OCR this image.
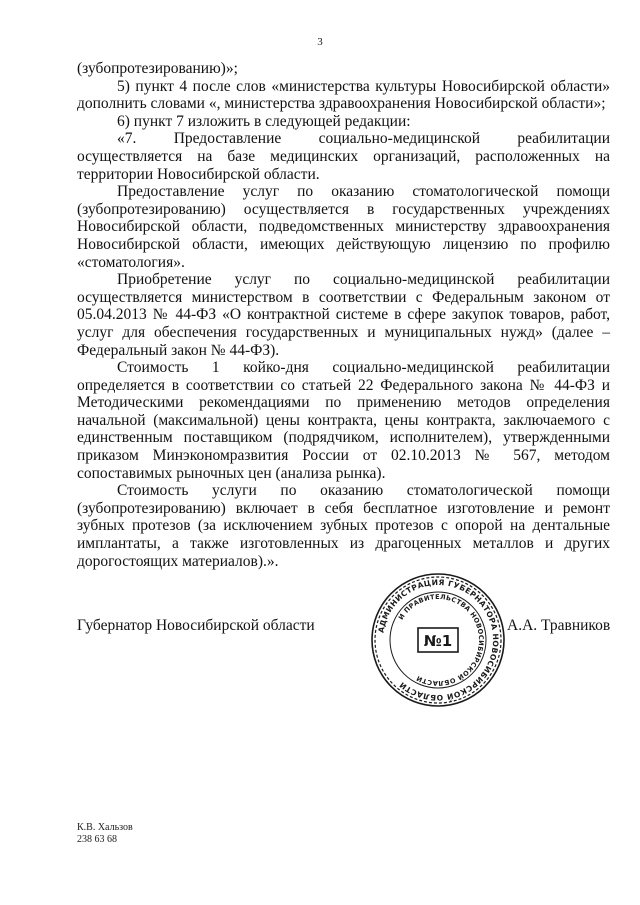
3

(зубопротезированию)»;

5) пункт 4 после слов «министерства культуры Новосибирской области» дополнить словами «, министерства здравоохранения Новосибирской области»;

6) пункт 7 изложить в следующей редакции:

«7. Предоставление социально-медицинской реабилитации осуществляется на базе медицинских организаций, расположенных на территории Новосибирской области.

Предоставление услуг по оказанию стоматологической помощи (зубопротезированию) осуществляется в государственных учреждениях Новосибирской области, подведомственных министерству здравоохранения Новосибирской области, имеющих действующую лицензию по профилю «стоматология».

Приобретение услуг по социально-медицинской реабилитации осуществляется министерством в соответствии с Федеральным законом от 05.04.2013 № 44-ФЗ «О контрактной системе в сфере закупок товаров, работ, услуг для обеспечения государственных и муниципальных нужд» (далее – Федеральный закон № 44-ФЗ).

Стоимость 1 койко-дня социально-медицинской реабилитации определяется в соответствии со статьей 22 Федерального закона № 44-ФЗ и Методическими рекомендациями по применению методов определения начальной (максимальной) цены контракта, цены контракта, заключаемого с единственным поставщиком (подрядчиком, исполнителем), утвержденными приказом Минэкономразвития России от 02.10.2013 № 567, методом сопоставимых рыночных цен (анализа рынка).

Стоимость услуги по оказанию стоматологической помощи (зубопротезированию) включает в себя бесплатное изготовление и ремонт зубных протезов (за исключением зубных протезов с опорой на дентальные имплантаты, а также изготовленных из драгоценных металлов и других дорогостоящих материалов).».

Губернатор Новосибирской области	АДМИНИСТРАЦИЯ ГУБЕРНАТОРА НОВОСИБИРСКОЙ ОБЛАСТИ
И ПРАВИТЕЛЬСТВА НОВОСИБИРСКОЙ ОБЛАСТИ
№1
А.А. Травников
К.В. Хальзов
238 63 68
